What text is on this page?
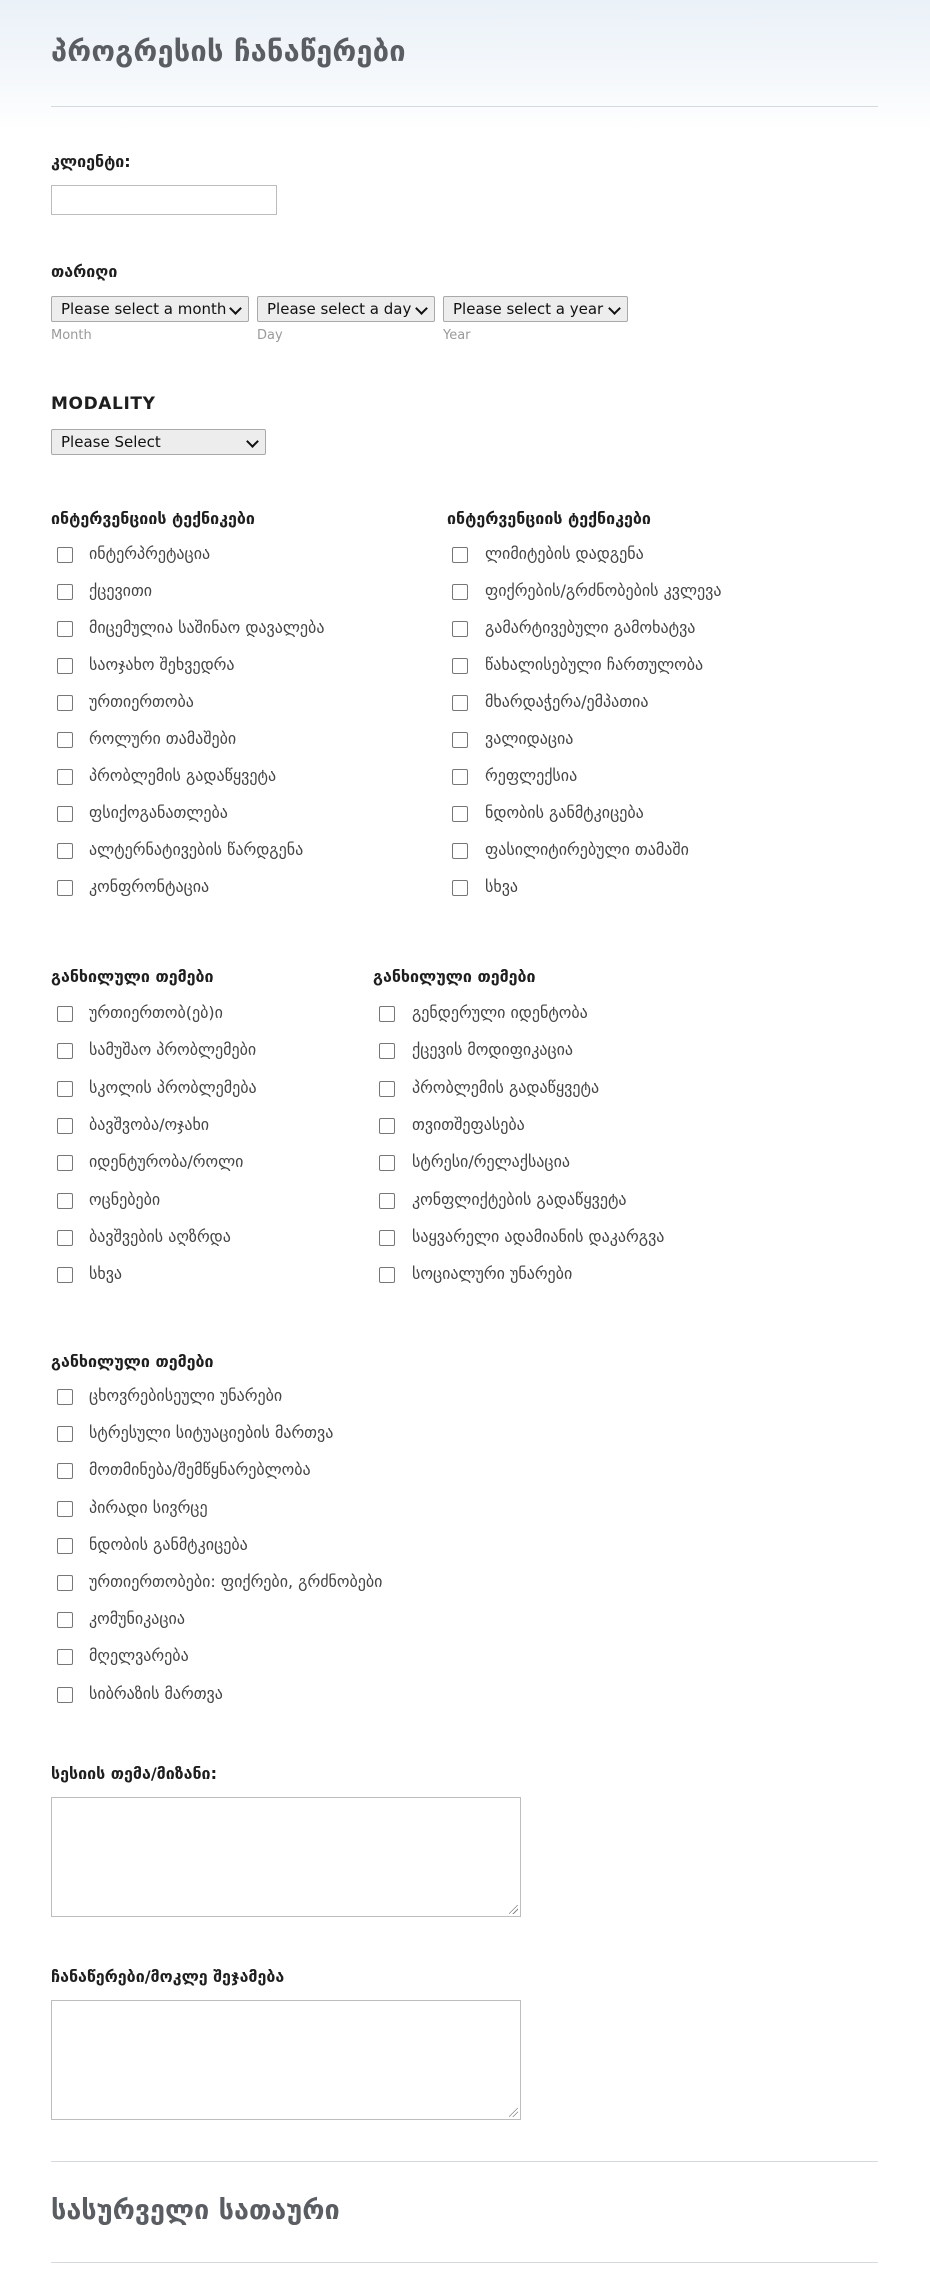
პროგრესის ჩანაწერები
კლიენტი:
თარიღი
Please select a month	Please select a day	Please select a year
Month	Day	Year
MODALITY
Please Select
ინტერვენციის ტექნიკები
ინტერპრეტაცია
ქცევითი
მიცემულია საშინაო დავალება
საოჯახო შეხვედრა
ურთიერთობა
როლური თამაშები
პრობლემის გადაწყვეტა
ფსიქოგანათლება
ალტერნატივების წარდგენა
კონფრონტაცია
ინტერვენციის ტექნიკები
ლიმიტების დადგენა
ფიქრების/გრძნობების კვლევა
გამარტივებული გამოხატვა
წახალისებული ჩართულობა
მხარდაჭერა/ემპათია
ვალიდაცია
რეფლექსია
ნდობის განმტკიცება
ფასილიტირებული თამაში
სხვა
განხილული თემები
ურთიერთობ(ებ)ი
სამუშაო პრობლემები
სკოლის პრობლემება
ბავშვობა/ოჯახი
იდენტურობა/როლი
ოცნებები
ბავშვების აღზრდა
სხვა
განხილული თემები
გენდერული იდენტობა
ქცევის მოდიფიკაცია
პრობლემის გადაწყვეტა
თვითშეფასება
სტრესი/რელაქსაცია
კონფლიქტების გადაწყვეტა
საყვარელი ადამიანის დაკარგვა
სოციალური უნარები
განხილული თემები
ცხოვრებისეული უნარები
სტრესული სიტუაციების მართვა
მოთმინება/შემწყნარებლობა
პირადი სივრცე
ნდობის განმტკიცება
ურთიერთობები: ფიქრები, გრძნობები
კომუნიკაცია
მღელვარება
სიბრაზის მართვა
სესიის თემა/მიზანი:
ჩანაწერები/მოკლე შეჯამება
სასურველი სათაური
